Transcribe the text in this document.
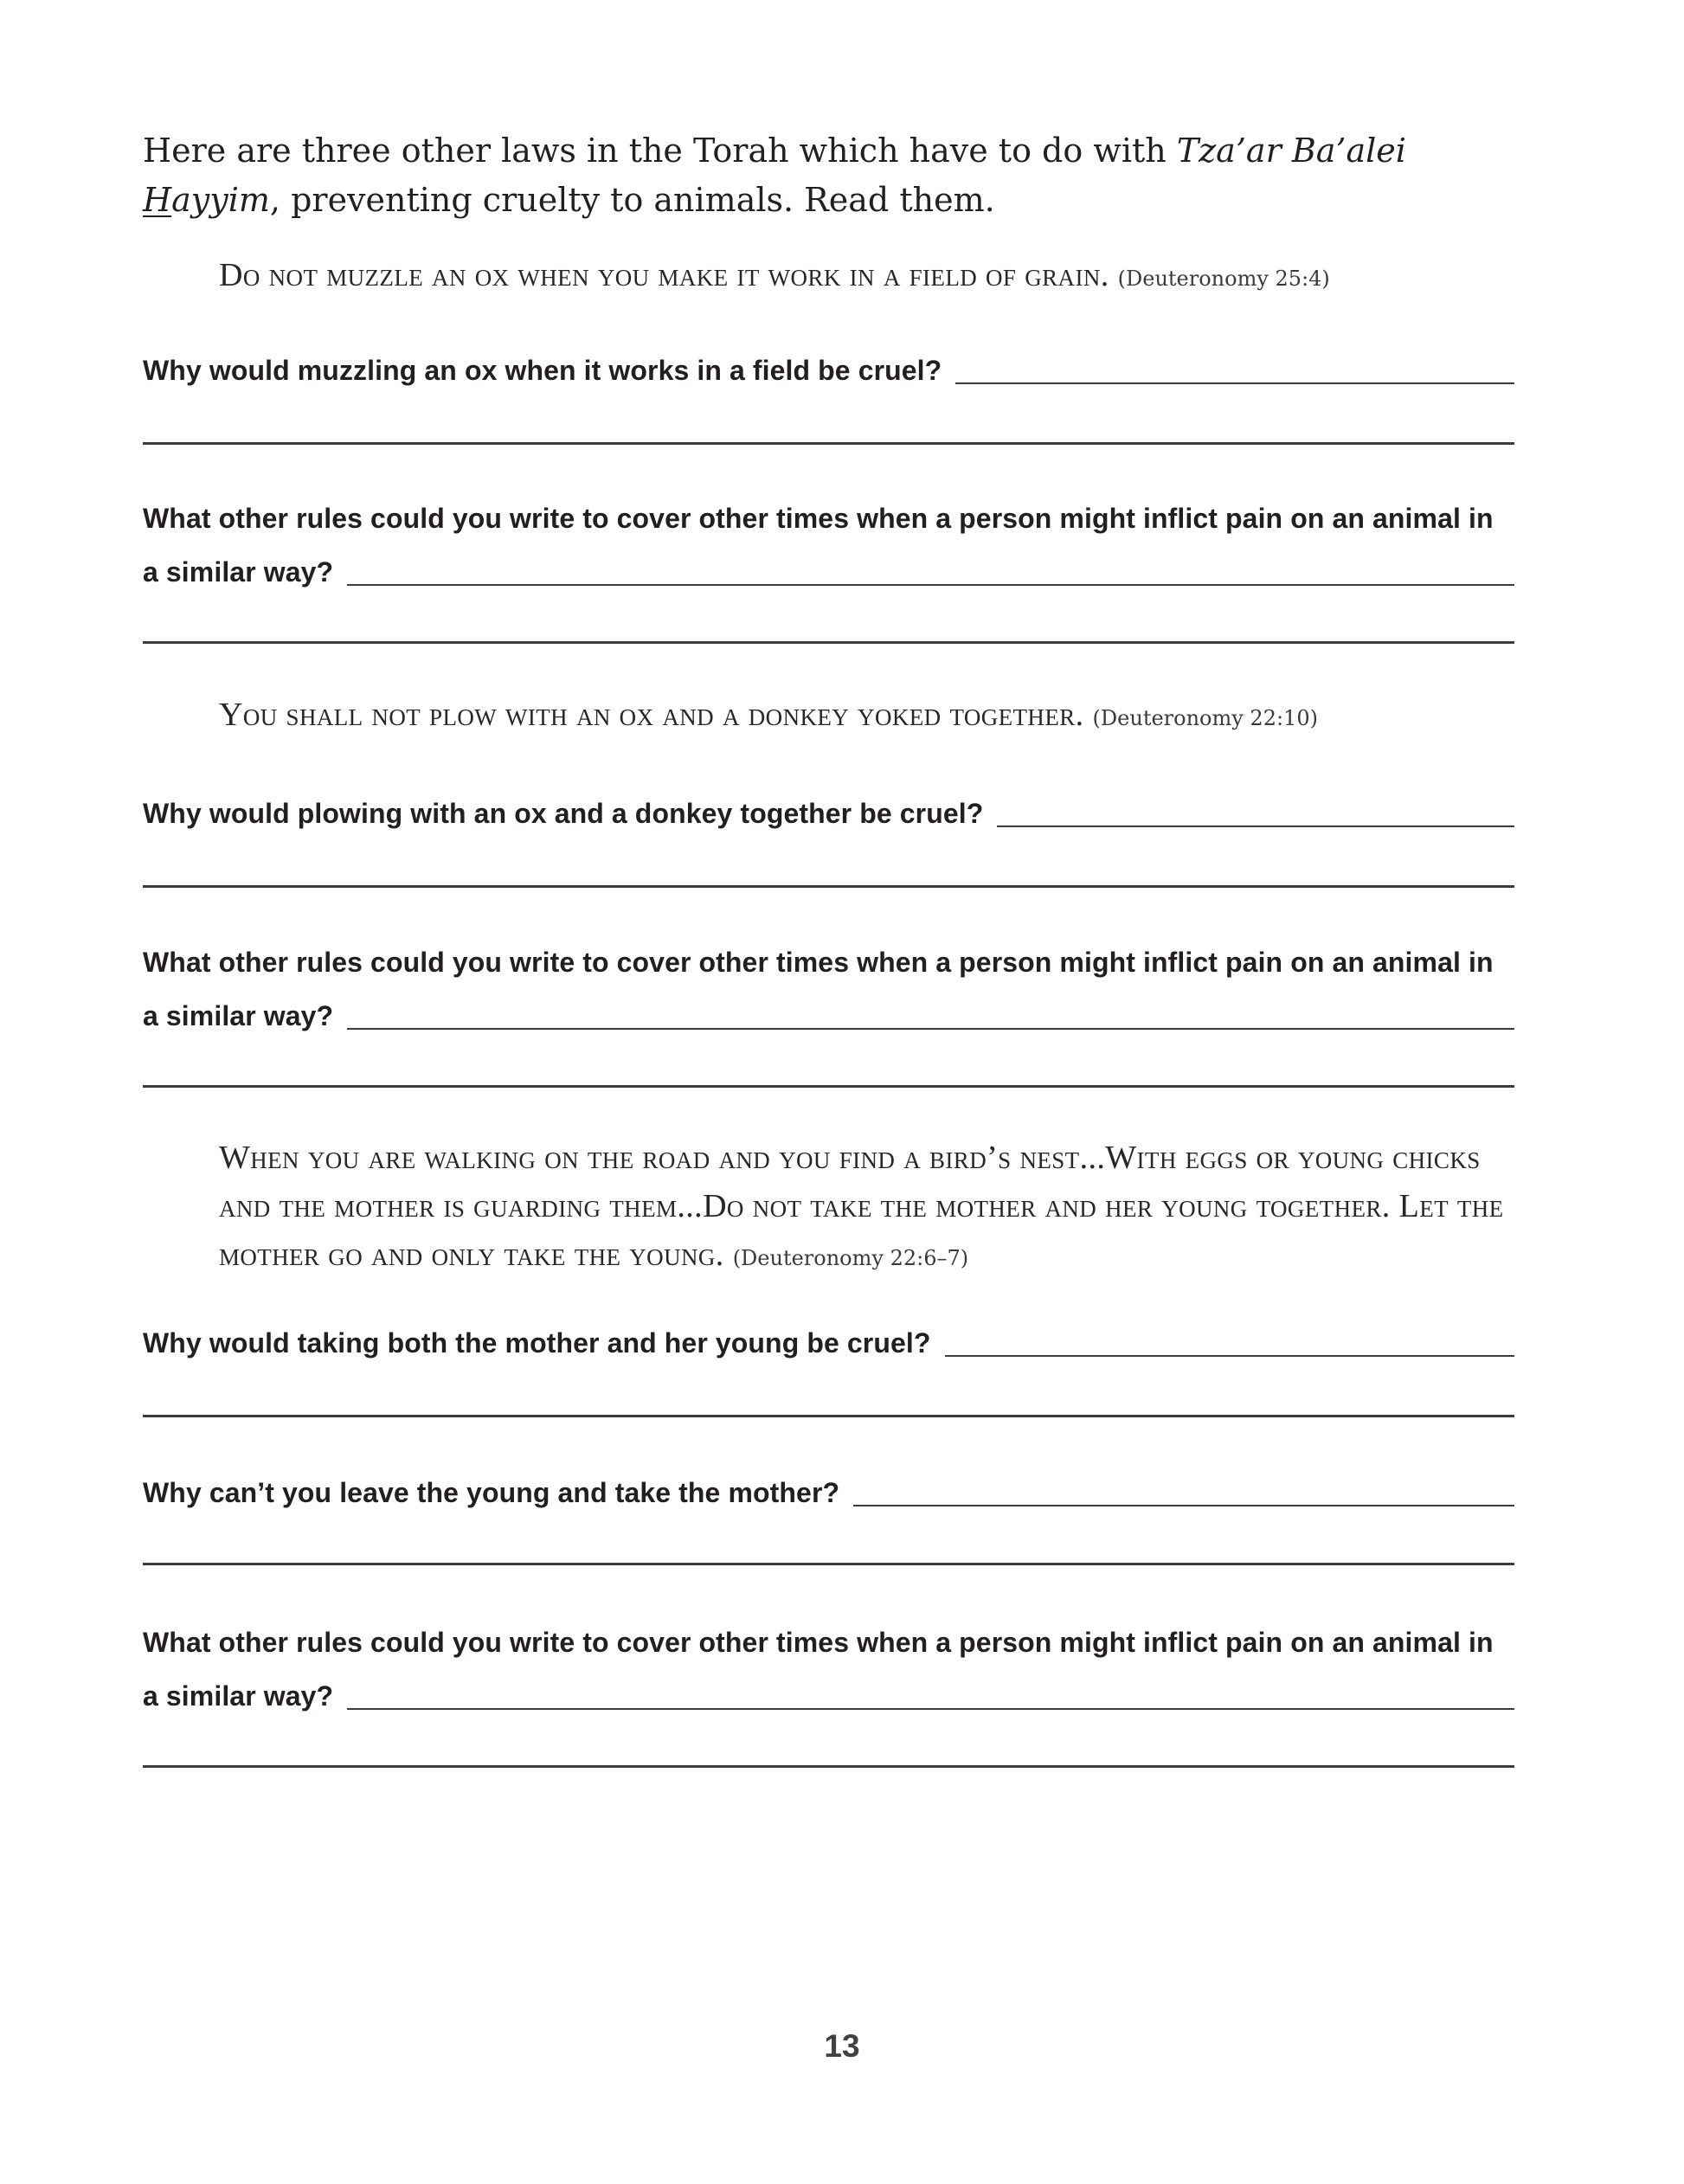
Here are three other laws in the Torah which have to do with Tza’ar Ba’alei Hayyim, preventing cruelty to animals. Read them.

Do not muzzle an ox when you make it work in a field of grain. (Deuteronomy 25:4)

Why would muzzling an ox when it works in a field be cruel?
What other rules could you write to cover other times when a person might inflict pain on an animal in
a similar way?

You shall not plow with an ox and a donkey yoked together. (Deuteronomy 22:10)

Why would plowing with an ox and a donkey together be cruel?
What other rules could you write to cover other times when a person might inflict pain on an animal in
a similar way?

When you are walking on the road and you find a bird’s nest...With eggs or young chicks and the mother is guarding them...Do not take the mother and her young together. Let the mother go and only take the young. (Deuteronomy 22:6–7)

Why would taking both the mother and her young be cruel?
Why can’t you leave the young and take the mother?
What other rules could you write to cover other times when a person might inflict pain on an animal in
a similar way?
13
